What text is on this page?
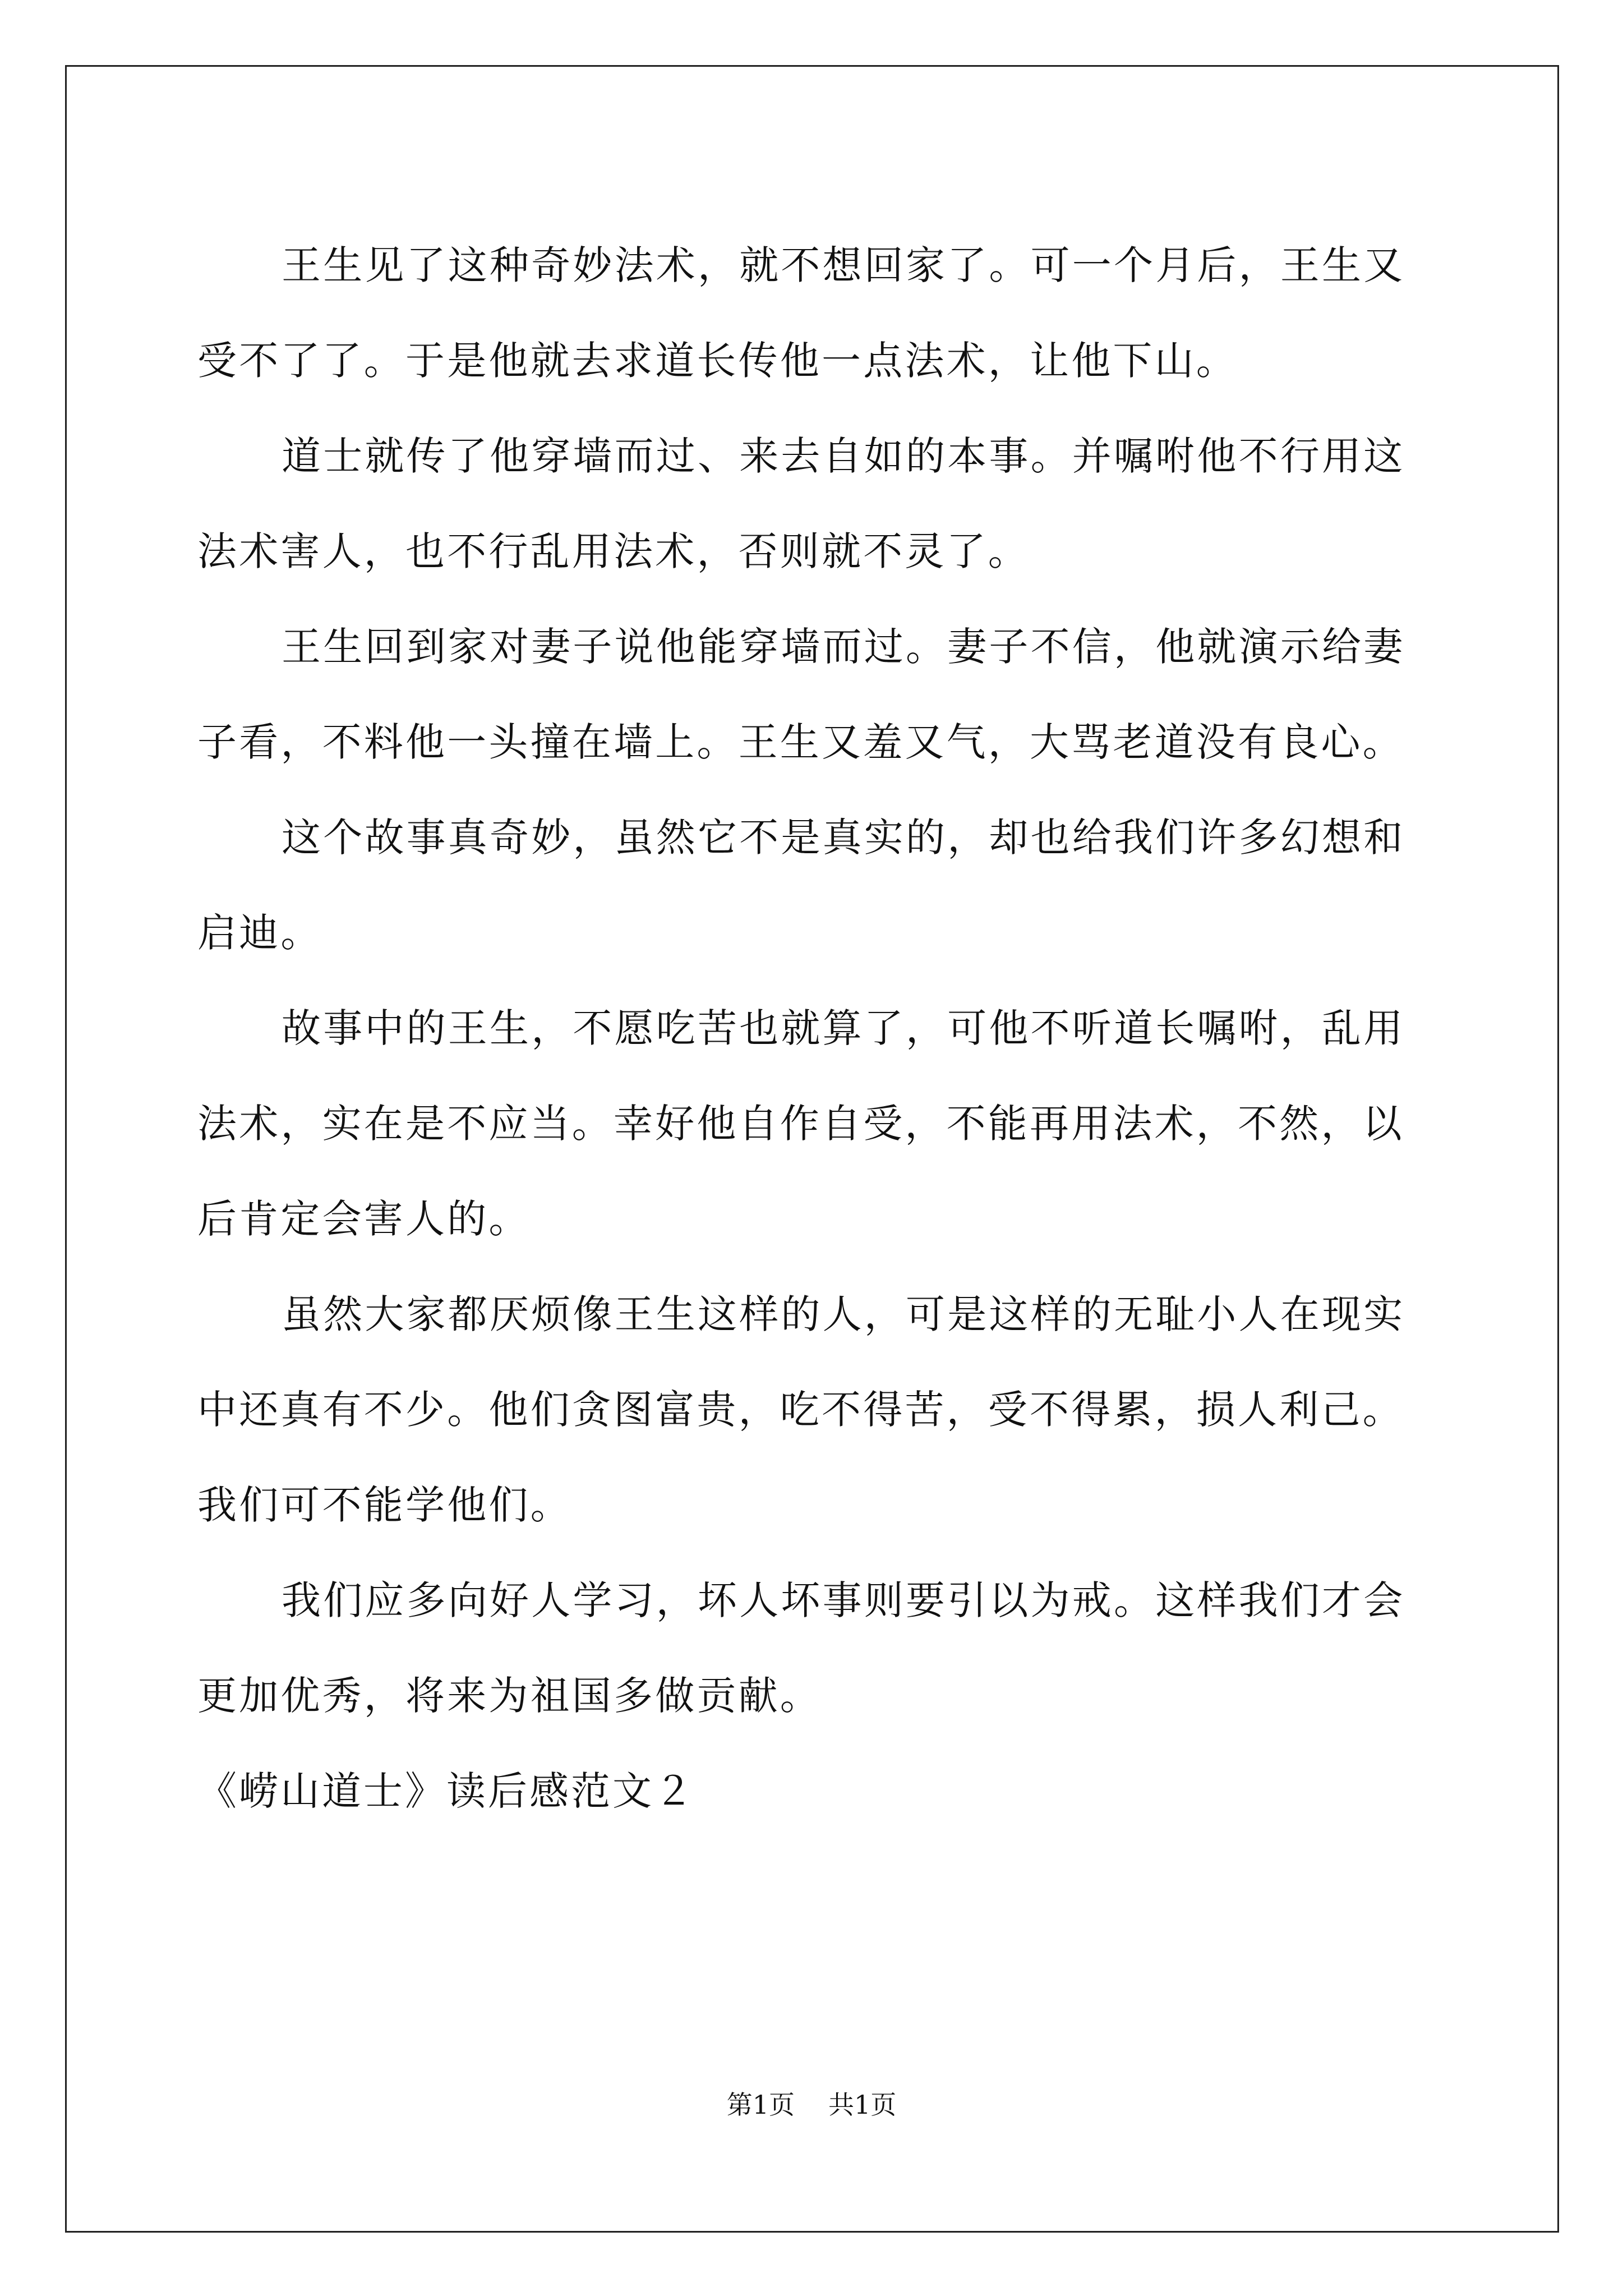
王生见了这种奇妙法术，就不想回家了。可一个月后，王生又受不了了。于是他就去求道长传他一点法术，让他下山。

道士就传了他穿墙而过、来去自如的本事。并嘱咐他不行用这法术害人，也不行乱用法术，否则就不灵了。

王生回到家对妻子说他能穿墙而过。妻子不信，他就演示给妻子看，不料他一头撞在墙上。王生又羞又气，大骂老道没有良心。

这个故事真奇妙，虽然它不是真实的，却也给我们许多幻想和启迪。

故事中的王生，不愿吃苦也就算了，可他不听道长嘱咐，乱用法术，实在是不应当。幸好他自作自受，不能再用法术，不然，以后肯定会害人的。

虽然大家都厌烦像王生这样的人，可是这样的无耻小人在现实中还真有不少。他们贪图富贵，吃不得苦，受不得累，损人利己。我们可不能学他们。

我们应多向好人学习，坏人坏事则要引以为戒。这样我们才会更加优秀，将来为祖国多做贡献。

《崂山道士》读后感范文２

第1页 共1页
